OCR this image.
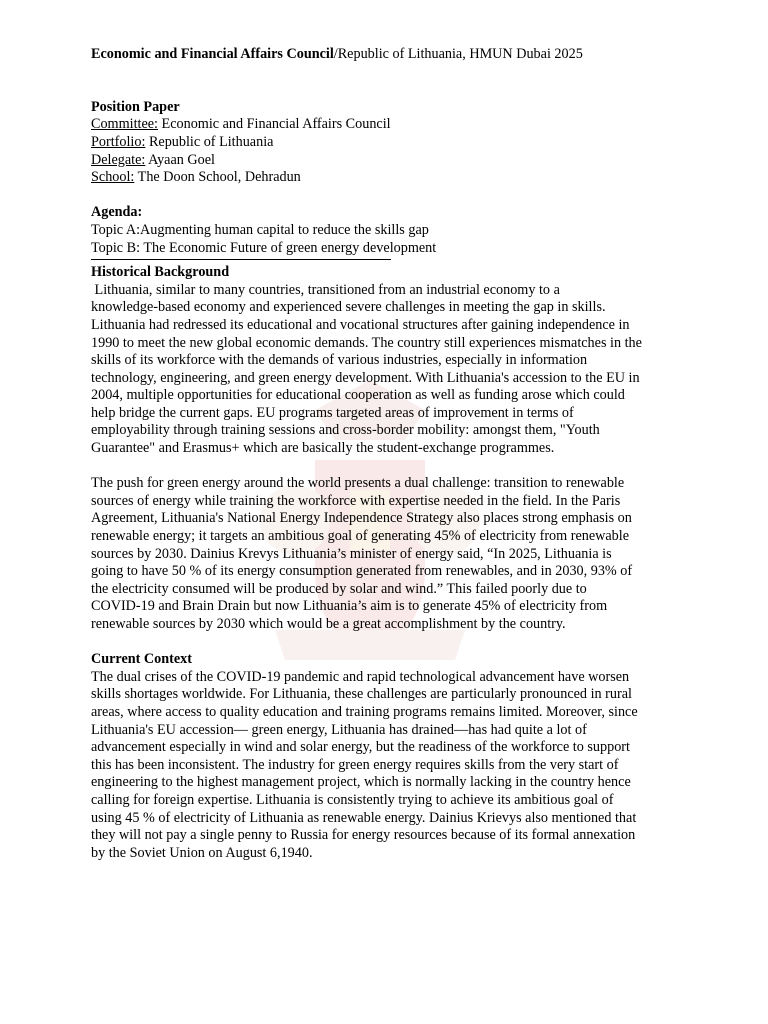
Economic and Financial Affairs Council/Republic of Lithuania, HMUN Dubai 2025
Position Paper
Committee: Economic and Financial Affairs Council
Portfolio: Republic of Lithuania
Delegate: Ayaan Goel
School: The Doon School, Dehradun
Agenda:
Topic A:Augmenting human capital to reduce the skills gap
Topic B: The Economic Future of green energy development
Historical Background
Lithuania, similar to many countries, transitioned from an industrial economy to a
knowledge-based economy and experienced severe challenges in meeting the gap in skills.
Lithuania had redressed its educational and vocational structures after gaining independence in
1990 to meet the new global economic demands. The country still experiences mismatches in the
skills of its workforce with the demands of various industries, especially in information
technology, engineering, and green energy development. With Lithuania's accession to the EU in
2004, multiple opportunities for educational cooperation as well as funding arose which could
help bridge the current gaps. EU programs targeted areas of improvement in terms of
employability through training sessions and cross-border mobility: amongst them, "Youth
Guarantee" and Erasmus+ which are basically the student-exchange programmes.
The push for green energy around the world presents a dual challenge: transition to renewable
sources of energy while training the workforce with expertise needed in the field. In the Paris
Agreement, Lithuania's National Energy Independence Strategy also places strong emphasis on
renewable energy; it targets an ambitious goal of generating 45% of electricity from renewable
sources by 2030. Dainius Krevys Lithuania’s minister of energy said, “In 2025, Lithuania is
going to have 50 % of its energy consumption generated from renewables, and in 2030, 93% of
the electricity consumed will be produced by solar and wind.” This failed poorly due to
COVID-19 and Brain Drain but now Lithuania’s aim is to generate 45% of electricity from
renewable sources by 2030 which would be a great accomplishment by the country.
Current Context
The dual crises of the COVID-19 pandemic and rapid technological advancement have worsen
skills shortages worldwide. For Lithuania, these challenges are particularly pronounced in rural
areas, where access to quality education and training programs remains limited. Moreover, since
Lithuania's EU accession— green energy, Lithuania has drained—has had quite a lot of
advancement especially in wind and solar energy, but the readiness of the workforce to support
this has been inconsistent. The industry for green energy requires skills from the very start of
engineering to the highest management project, which is normally lacking in the country hence
calling for foreign expertise. Lithuania is consistently trying to achieve its ambitious goal of
using 45 % of electricity of Lithuania as renewable energy. Dainius Krievys also mentioned that
they will not pay a single penny to Russia for energy resources because of its formal annexation
by the Soviet Union on August 6,1940.
